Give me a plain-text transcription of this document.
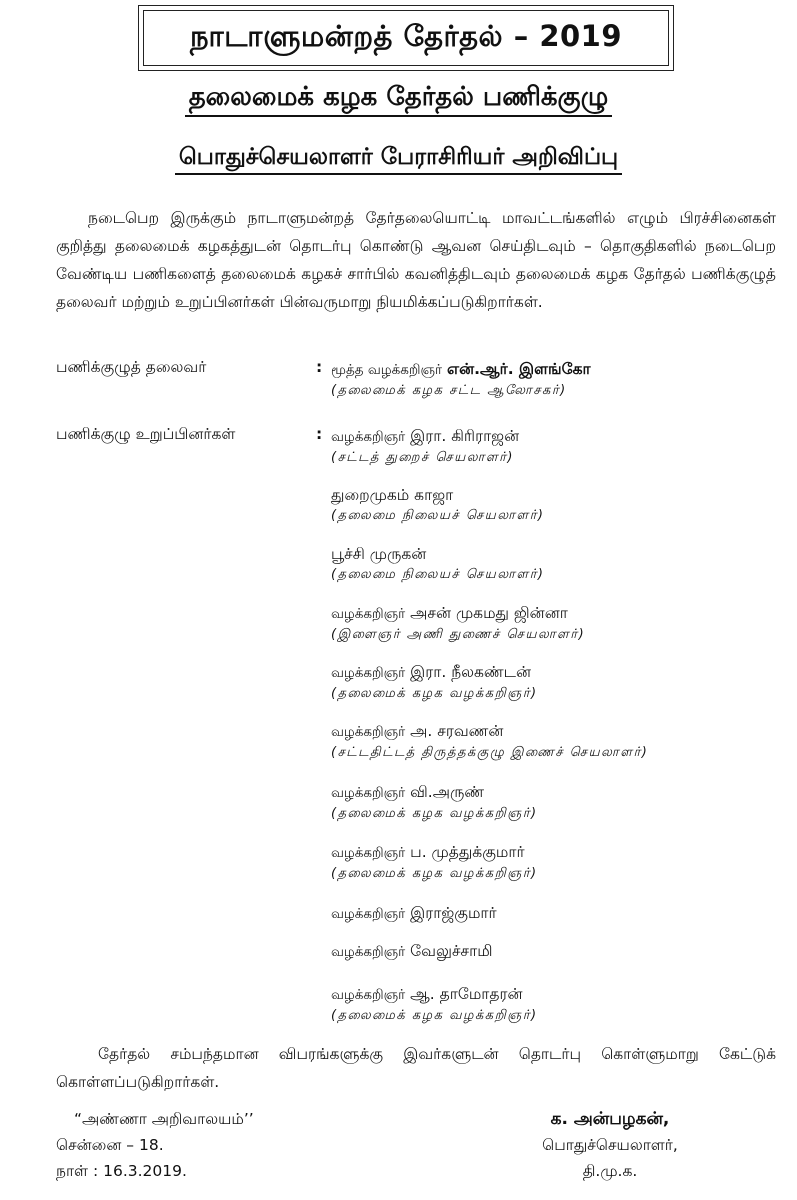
நாடாளுமன்றத் தேர்தல் – 2019
தலைமைக் கழக தேர்தல் பணிக்குழு
பொதுச்செயலாளர் பேராசிரியர் அறிவிப்பு

நடைபெற இருக்கும் நாடாளுமன்றத் தேர்தலையொட்டி மாவட்டங்களில் எழும் பிரச்சினைகள் குறித்து தலைமைக் கழகத்துடன் தொடர்பு கொண்டு ஆவன செய்திடவும் – தொகுதிகளில் நடைபெற வேண்டிய பணிகளைத் தலைமைக் கழகச் சார்பில் கவனித்திடவும் தலைமைக் கழக தேர்தல் பணிக்குழுத் தலைவர் மற்றும் உறுப்பினர்கள் பின்வருமாறு நியமிக்கப்படுகிறார்கள்.

பணிக்குழுத் தலைவர்	: மூத்த வழக்கறிஞர் என்.ஆர். இளங்கோ
(தலைமைக் கழக சட்ட ஆலோசகர்)
பணிக்குழு உறுப்பினர்கள்	: வழக்கறிஞர் இரா. கிரிராஜன்
(சட்டத் துறைச் செயலாளர்)
துறைமுகம் காஜா
(தலைமை நிலையச் செயலாளர்)
பூச்சி முருகன்
(தலைமை நிலையச் செயலாளர்)
வழக்கறிஞர் அசன் முகமது ஜின்னா
(இளைஞர் அணி துணைச் செயலாளர்)
வழக்கறிஞர் இரா. நீலகண்டன்
(தலைமைக் கழக வழக்கறிஞர்)
வழக்கறிஞர் அ. சரவணன்
(சட்டதிட்டத் திருத்தக்குழு இணைச் செயலாளர்)
வழக்கறிஞர் வி.அருண்
(தலைமைக் கழக வழக்கறிஞர்)
வழக்கறிஞர் ப. முத்துக்குமார்
(தலைமைக் கழக வழக்கறிஞர்)
வழக்கறிஞர் இராஜ்குமார்
வழக்கறிஞர் வேலுச்சாமி
வழக்கறிஞர் ஆ. தாமோதரன்
(தலைமைக் கழக வழக்கறிஞர்)

தேர்தல் சம்பந்தமான விபரங்களுக்கு இவர்களுடன் தொடர்பு கொள்ளுமாறு கேட்டுக் கொள்ளப்படுகிறார்கள்.

“அண்ணா அறிவாலயம்’’
சென்னை – 18.
நாள் : 16.3.2019.
க. அன்பழகன்,
பொதுச்செயலாளர்,
தி.மு.க.
